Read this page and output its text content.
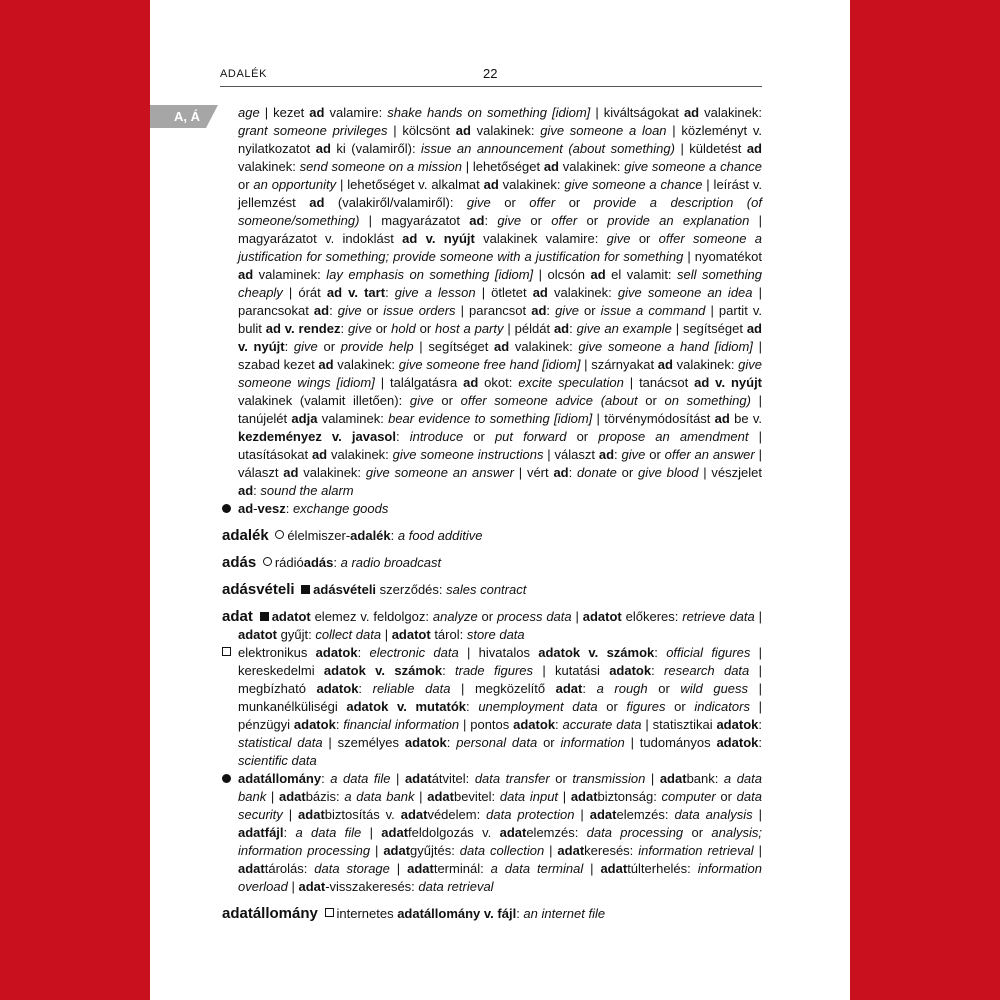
ADALÉK	22
A, Á	age | kezet ad valamire: shake hands on something [idiom] | kiváltságokat ad valakinek: grant someone privileges | kölcsönt ad valakinek: give someone a loan | közleményt v. nyilatkozatot ad ki (valamiről): issue an announcement (about something) | küldetést ad valakinek: send someone on a mission | lehetőséget ad valakinek: give someone a chance or an opportunity | lehetőséget v. alkalmat ad valakinek: give someone a chance | leírást v. jellemzést ad (valakiről/valamiről): give or offer or provide a description (of someone/something) | magyarázatot ad: give or offer or provide an explanation | magyarázatot v. indoklást ad v. nyújt valakinek valamire: give or offer someone a justification for something; provide someone with a justification for something | nyomatékot ad valaminek: lay emphasis on something [idiom] | olcsón ad el valamit: sell something cheaply | órát ad v. tart: give a lesson | ötletet ad valakinek: give someone an idea | parancsokat ad: give or issue orders | parancsot ad: give or issue a command | partit v. bulit ad v. rendez: give or hold or host a party | példát ad: give an example | segítséget ad v. nyújt: give or provide help | segítséget ad valakinek: give someone a hand [idiom] | szabad kezet ad valakinek: give someone free hand [idiom] | szárnyakat ad valakinek: give someone wings [idiom] | találgatásra ad okot: excite speculation | tanácsot ad v. nyújt valakinek (valamit illetően): give or offer someone advice (about or on something) | tanújelét adja valaminek: bear evidence to something [idiom] | törvénymódosítást ad be v. kezdeményez v. javasol: introduce or put forward or propose an amendment | utasításokat ad valakinek: give someone instructions | választ ad: give or offer an answer | választ ad valakinek: give someone an answer | vért ad: donate or give blood | vészjelet ad: sound the alarm

ad-vesz: exchange goods

adalék élelmiszer-adalék: a food additive

adás rádióadás: a radio broadcast

adásvételi adásvételi szerződés: sales contract

adat adatot elemez v. feldolgoz: analyze or process data | adatot előkeres: retrieve data | adatot gyűjt: collect data | adatot tárol: store data

elektronikus adatok: electronic data | hivatalos adatok v. számok: official figures | kereskedelmi adatok v. számok: trade figures | kutatási adatok: research data | megbízható adatok: reliable data | megközelítő adat: a rough or wild guess | munkanélküliségi adatok v. mutatók: unemployment data or figures or indicators | pénzügyi adatok: financial information | pontos adatok: accurate data | statisztikai adatok: statistical data | személyes adatok: personal data or information | tudományos adatok: scientific data

adatállomány: a data file | adatátvitel: data transfer or transmission | adatbank: a data bank | adatbázis: a data bank | adatbevitel: data input | adatbiztonság: computer or data security | adatbiztosítás v. adatvédelem: data protection | adatelemzés: data analysis | adatfájl: a data file | adatfeldolgozás v. adatelemzés: data processing or analysis; information processing | adatgyűjtés: data collection | adatkeresés: information retrieval | adattárolás: data storage | adatterminál: a data terminal | adattúlterhelés: information overload | adat-visszakeresés: data retrieval

adatállomány internetes adatállomány v. fájl: an internet file
